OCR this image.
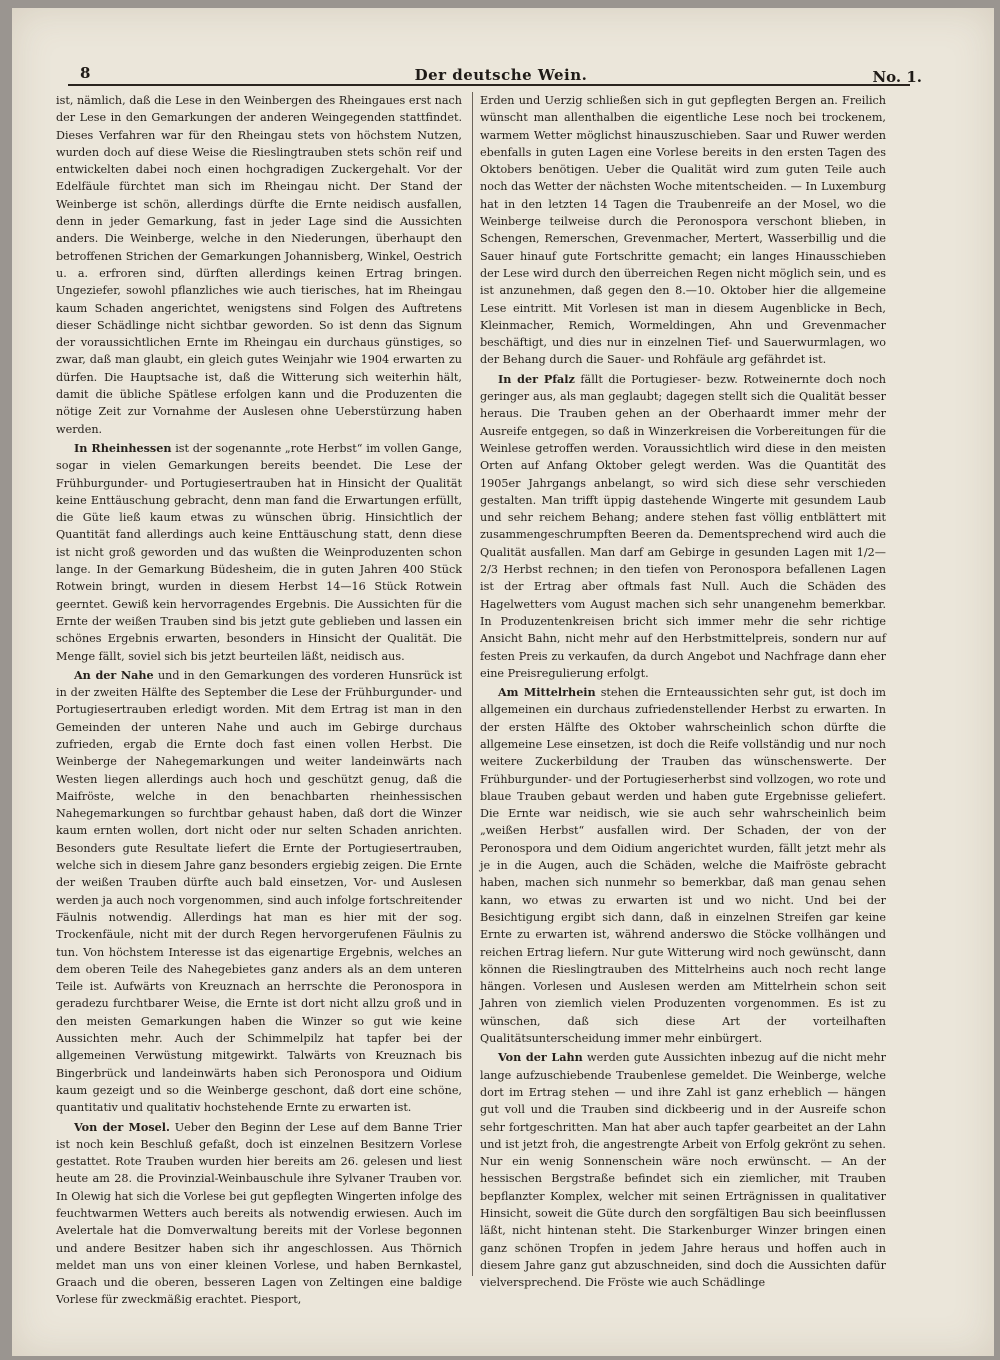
8	Der deutsche Wein.	No. 1.

ist, nämlich, daß die Lese in den Weinbergen des Rheingaues erst nach der Lese in den Gemarkungen der anderen Weingegenden stattfindet. Dieses Verfahren war für den Rheingau stets von höchstem Nutzen, wurden doch auf diese Weise die Rieslingtrauben stets schön reif und entwickelten dabei noch einen hochgradigen Zuckergehalt. Vor der Edelfäule fürchtet man sich im Rheingau nicht. Der Stand der Weinberge ist schön, allerdings dürfte die Ernte neidisch ausfallen, denn in jeder Gemarkung, fast in jeder Lage sind die Aussichten anders. Die Weinberge, welche in den Niederungen, überhaupt den betroffenen Strichen der Gemarkungen Johannisberg, Winkel, Oestrich u. a. erfroren sind, dürften allerdings keinen Ertrag bringen. Ungeziefer, sowohl pflanzliches wie auch tierisches, hat im Rheingau kaum Schaden angerichtet, wenigstens sind Folgen des Auftretens dieser Schädlinge nicht sichtbar geworden. So ist denn das Signum der voraussichtlichen Ernte im Rheingau ein durchaus günstiges, so zwar, daß man glaubt, ein gleich gutes Weinjahr wie 1904 erwarten zu dürfen. Die Hauptsache ist, daß die Witterung sich weiterhin hält, damit die übliche Spätlese erfolgen kann und die Produzenten die nötige Zeit zur Vornahme der Auslesen ohne Ueberstürzung haben werden.

In Rheinhessen ist der sogenannte „rote Herbst“ im vollen Gange, sogar in vielen Gemarkungen bereits beendet. Die Lese der Frühburgunder- und Portugiesertrauben hat in Hinsicht der Qualität keine Enttäuschung gebracht, denn man fand die Erwartungen erfüllt, die Güte ließ kaum etwas zu wünschen übrig. Hinsichtlich der Quantität fand allerdings auch keine Enttäuschung statt, denn diese ist nicht groß geworden und das wußten die Weinproduzenten schon lange. In der Gemarkung Büdesheim, die in guten Jahren 400 Stück Rotwein bringt, wurden in diesem Herbst 14—16 Stück Rotwein geerntet. Gewiß kein hervorragendes Ergebnis. Die Aussichten für die Ernte der weißen Trauben sind bis jetzt gute geblieben und lassen ein schönes Ergebnis erwarten, besonders in Hinsicht der Qualität. Die Menge fällt, soviel sich bis jetzt beurteilen läßt, neidisch aus.

An der Nahe und in den Gemarkungen des vorderen Hunsrück ist in der zweiten Hälfte des September die Lese der Frühburgunder- und Portugiesertrauben erledigt worden. Mit dem Ertrag ist man in den Gemeinden der unteren Nahe und auch im Gebirge durchaus zufrieden, ergab die Ernte doch fast einen vollen Herbst. Die Weinberge der Nahegemarkungen und weiter landeinwärts nach Westen liegen allerdings auch hoch und geschützt genug, daß die Maifröste, welche in den benachbarten rheinhessischen Nahegemarkungen so furchtbar gehaust haben, daß dort die Winzer kaum ernten wollen, dort nicht oder nur selten Schaden anrichten. Besonders gute Resultate liefert die Ernte der Portugiesertrauben, welche sich in diesem Jahre ganz besonders ergiebig zeigen. Die Ernte der weißen Trauben dürfte auch bald einsetzen, Vor- und Auslesen werden ja auch noch vorgenommen, sind auch infolge fortschreitender Fäulnis notwendig. Allerdings hat man es hier mit der sog. Trockenfäule, nicht mit der durch Regen hervorgerufenen Fäulnis zu tun. Von höchstem Interesse ist das eigenartige Ergebnis, welches an dem oberen Teile des Nahegebietes ganz anders als an dem unteren Teile ist. Aufwärts von Kreuznach an herrschte die Peronospora in geradezu furchtbarer Weise, die Ernte ist dort nicht allzu groß und in den meisten Gemarkungen haben die Winzer so gut wie keine Aussichten mehr. Auch der Schimmelpilz hat tapfer bei der allgemeinen Verwüstung mitgewirkt. Talwärts von Kreuznach bis Bingerbrück und landeinwärts haben sich Peronospora und Oidium kaum gezeigt und so die Weinberge geschont, daß dort eine schöne, quantitativ und qualitativ hochstehende Ernte zu erwarten ist.

Von der Mosel. Ueber den Beginn der Lese auf dem Banne Trier ist noch kein Beschluß gefaßt, doch ist einzelnen Besitzern Vorlese gestattet. Rote Trauben wurden hier bereits am 26. gelesen und liest heute am 28. die Provinzial-Weinbauschule ihre Sylvaner Trauben vor. In Olewig hat sich die Vorlese bei gut gepflegten Wingerten infolge des feuchtwarmen Wetters auch bereits als notwendig erwiesen. Auch im Avelertale hat die Domverwaltung bereits mit der Vorlese begonnen und andere Besitzer haben sich ihr angeschlossen. Aus Thörnich meldet man uns von einer kleinen Vorlese, und haben Bernkastel, Graach und die oberen, besseren Lagen von Zeltingen eine baldige Vorlese für zweckmäßig erachtet. Piesport,

Erden und Uerzig schließen sich in gut gepflegten Bergen an. Freilich wünscht man allenthalben die eigentliche Lese noch bei trockenem, warmem Wetter möglichst hinauszuschieben. Saar und Ruwer werden ebenfalls in guten Lagen eine Vorlese bereits in den ersten Tagen des Oktobers benötigen. Ueber die Qualität wird zum guten Teile auch noch das Wetter der nächsten Woche mitentscheiden. — In Luxemburg hat in den letzten 14 Tagen die Traubenreife an der Mosel, wo die Weinberge teilweise durch die Peronospora verschont blieben, in Schengen, Remerschen, Grevenmacher, Mertert, Wasserbillig und die Sauer hinauf gute Fortschritte gemacht; ein langes Hinausschieben der Lese wird durch den überreichen Regen nicht möglich sein, und es ist anzunehmen, daß gegen den 8.—10. Oktober hier die allgemeine Lese eintritt. Mit Vorlesen ist man in diesem Augenblicke in Bech, Kleinmacher, Remich, Wormeldingen, Ahn und Grevenmacher beschäftigt, und dies nur in einzelnen Tief- und Sauerwurmlagen, wo der Behang durch die Sauer- und Rohfäule arg gefährdet ist.

In der Pfalz fällt die Portugieser- bezw. Rotweinernte doch noch geringer aus, als man geglaubt; dagegen stellt sich die Qualität besser heraus. Die Trauben gehen an der Oberhaardt immer mehr der Ausreife entgegen, so daß in Winzerkreisen die Vorbereitungen für die Weinlese getroffen werden. Voraussichtlich wird diese in den meisten Orten auf Anfang Oktober gelegt werden. Was die Quantität des 1905er Jahrgangs anbelangt, so wird sich diese sehr verschieden gestalten. Man trifft üppig dastehende Wingerte mit gesundem Laub und sehr reichem Behang; andere stehen fast völlig entblättert mit zusammengeschrumpften Beeren da. Dementsprechend wird auch die Qualität ausfallen. Man darf am Gebirge in gesunden Lagen mit 1/2—2/3 Herbst rechnen; in den tiefen von Peronospora befallenen Lagen ist der Ertrag aber oftmals fast Null. Auch die Schäden des Hagelwetters vom August machen sich sehr unangenehm bemerkbar. In Produzentenkreisen bricht sich immer mehr die sehr richtige Ansicht Bahn, nicht mehr auf den Herbstmittelpreis, sondern nur auf festen Preis zu verkaufen, da durch Angebot und Nachfrage dann eher eine Preisregulierung erfolgt.

Am Mittelrhein stehen die Ernteaussichten sehr gut, ist doch im allgemeinen ein durchaus zufriedenstellender Herbst zu erwarten. In der ersten Hälfte des Oktober wahrscheinlich schon dürfte die allgemeine Lese einsetzen, ist doch die Reife vollständig und nur noch weitere Zuckerbildung der Trauben das wünschenswerte. Der Frühburgunder- und der Portugieserherbst sind vollzogen, wo rote und blaue Trauben gebaut werden und haben gute Ergebnisse geliefert. Die Ernte war neidisch, wie sie auch sehr wahrscheinlich beim „weißen Herbst“ ausfallen wird. Der Schaden, der von der Peronospora und dem Oidium angerichtet wurden, fällt jetzt mehr als je in die Augen, auch die Schäden, welche die Maifröste gebracht haben, machen sich nunmehr so bemerkbar, daß man genau sehen kann, wo etwas zu erwarten ist und wo nicht. Und bei der Besichtigung ergibt sich dann, daß in einzelnen Streifen gar keine Ernte zu erwarten ist, während anderswo die Stöcke vollhängen und reichen Ertrag liefern. Nur gute Witterung wird noch gewünscht, dann können die Rieslingtrauben des Mittelrheins auch noch recht lange hängen. Vorlesen und Auslesen werden am Mittelrhein schon seit Jahren von ziemlich vielen Produzenten vorgenommen. Es ist zu wünschen, daß sich diese Art der vorteilhaften Qualitätsunterscheidung immer mehr einbürgert.

Von der Lahn werden gute Aussichten inbezug auf die nicht mehr lange aufzuschiebende Traubenlese gemeldet. Die Weinberge, welche dort im Ertrag stehen — und ihre Zahl ist ganz erheblich — hängen gut voll und die Trauben sind dickbeerig und in der Ausreife schon sehr fortgeschritten. Man hat aber auch tapfer gearbeitet an der Lahn und ist jetzt froh, die angestrengte Arbeit von Erfolg gekrönt zu sehen. Nur ein wenig Sonnenschein wäre noch erwünscht. — An der hessischen Bergstraße befindet sich ein ziemlicher, mit Trauben bepflanzter Komplex, welcher mit seinen Erträgnissen in qualitativer Hinsicht, soweit die Güte durch den sorgfältigen Bau sich beeinflussen läßt, nicht hintenan steht. Die Starkenburger Winzer bringen einen ganz schönen Tropfen in jedem Jahre heraus und hoffen auch in diesem Jahre ganz gut abzuschneiden, sind doch die Aussichten dafür vielversprechend. Die Fröste wie auch Schädlinge
